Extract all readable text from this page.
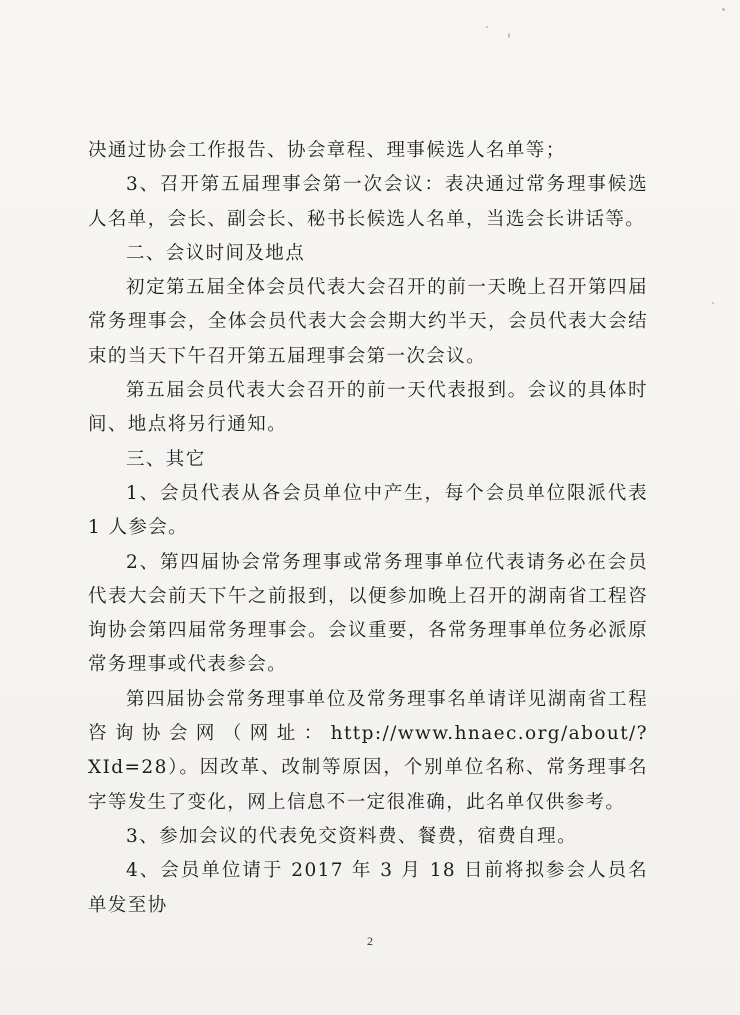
决通过协会工作报告、协会章程、理事候选人名单等；

3、召开第五届理事会第一次会议：表决通过常务理事候选人名单，会长、副会长、秘书长候选人名单，当选会长讲话等。

二、会议时间及地点

初定第五届全体会员代表大会召开的前一天晚上召开第四届常务理事会，全体会员代表大会会期大约半天，会员代表大会结束的当天下午召开第五届理事会第一次会议。

第五届会员代表大会召开的前一天代表报到。会议的具体时间、地点将另行通知。

三、其它

1、会员代表从各会员单位中产生，每个会员单位限派代表 1 人参会。

2、第四届协会常务理事或常务理事单位代表请务必在会员代表大会前天下午之前报到，以便参加晚上召开的湖南省工程咨询协会第四届常务理事会。会议重要，各常务理事单位务必派原常务理事或代表参会。

第四届协会常务理事单位及常务理事名单请详见湖南省工程咨询协会网（网址：http://www.hnaec.org/about/?XId=28）。因改革、改制等原因，个别单位名称、常务理事名字等发生了变化，网上信息不一定很准确，此名单仅供参考。

3、参加会议的代表免交资料费、餐费，宿费自理。

4、会员单位请于 2017 年 3 月 18 日前将拟参会人员名单发至协

2
